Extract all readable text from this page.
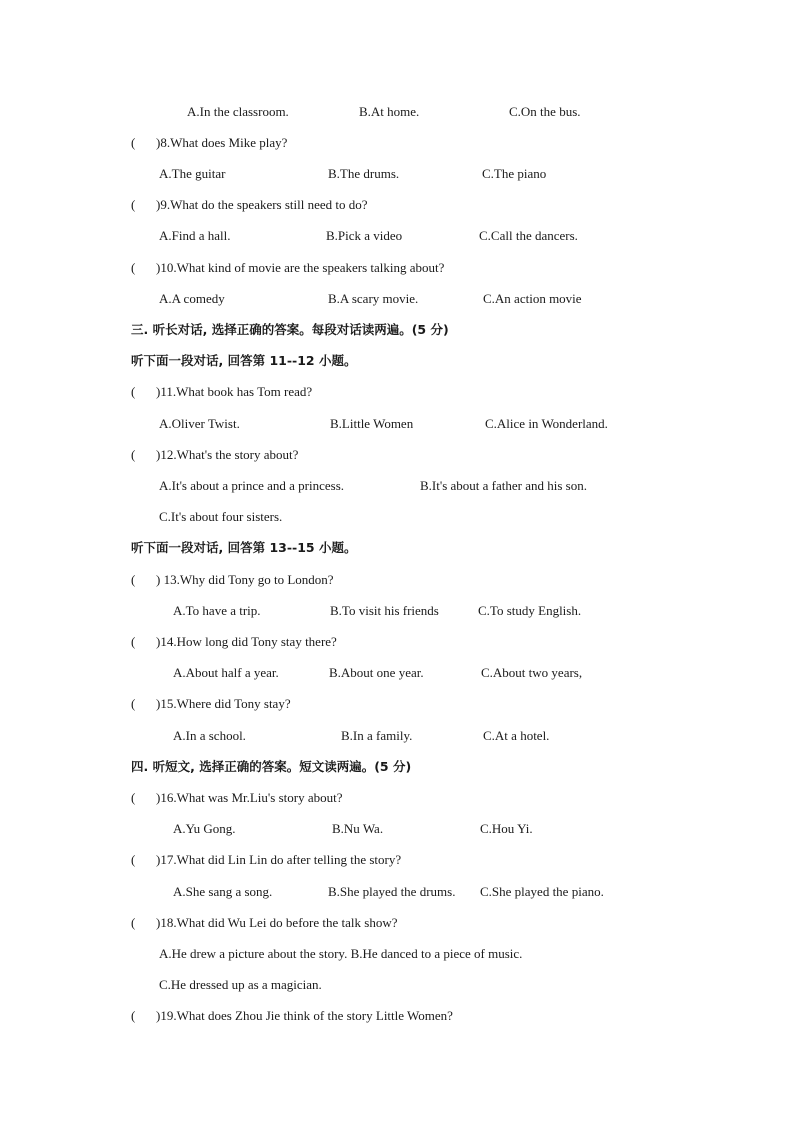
A.In the classroom.	B.At home.	C.On the bus.
( )8.What does Mike play?
A.The guitar	B.The drums.	C.The piano
( )9.What do the speakers still need to do?
A.Find a hall.	B.Pick a video	C.Call the dancers.
( )10.What kind of movie are the speakers talking about?
A.A comedy	B.A scary movie.	C.An action movie
三. 听长对话, 选择正确的答案。每段对话读两遍。(5 分)
听下面一段对话, 回答第 11--12 小题。
( )11.What book has Tom read?
A.Oliver Twist.	B.Little Women	C.Alice in Wonderland.
( )12.What's the story about?
A.It's about a prince and a princess.	B.It's about a father and his son.
C.It's about four sisters.
听下面一段对话, 回答第 13--15 小题。
( ) 13.Why did Tony go to London?
A.To have a trip.	B.To visit his friends	C.To study English.
( )14.How long did Tony stay there?
A.About half a year.	B.About one year.	C.About two years,
( )15.Where did Tony stay?
A.In a school.	B.In a family.	C.At a hotel.
四. 听短文, 选择正确的答案。短文读两遍。(5 分)
( )16.What was Mr.Liu's story about?
A.Yu Gong.	B.Nu Wa.	C.Hou Yi.
( )17.What did Lin Lin do after telling the story?
A.She sang a song.	B.She played the drums. C.She played the piano.
( )18.What did Wu Lei do before the talk show?
A.He drew a picture about the story. B.He danced to a piece of music.
C.He dressed up as a magician.
( )19.What does Zhou Jie think of the story Little Women?
